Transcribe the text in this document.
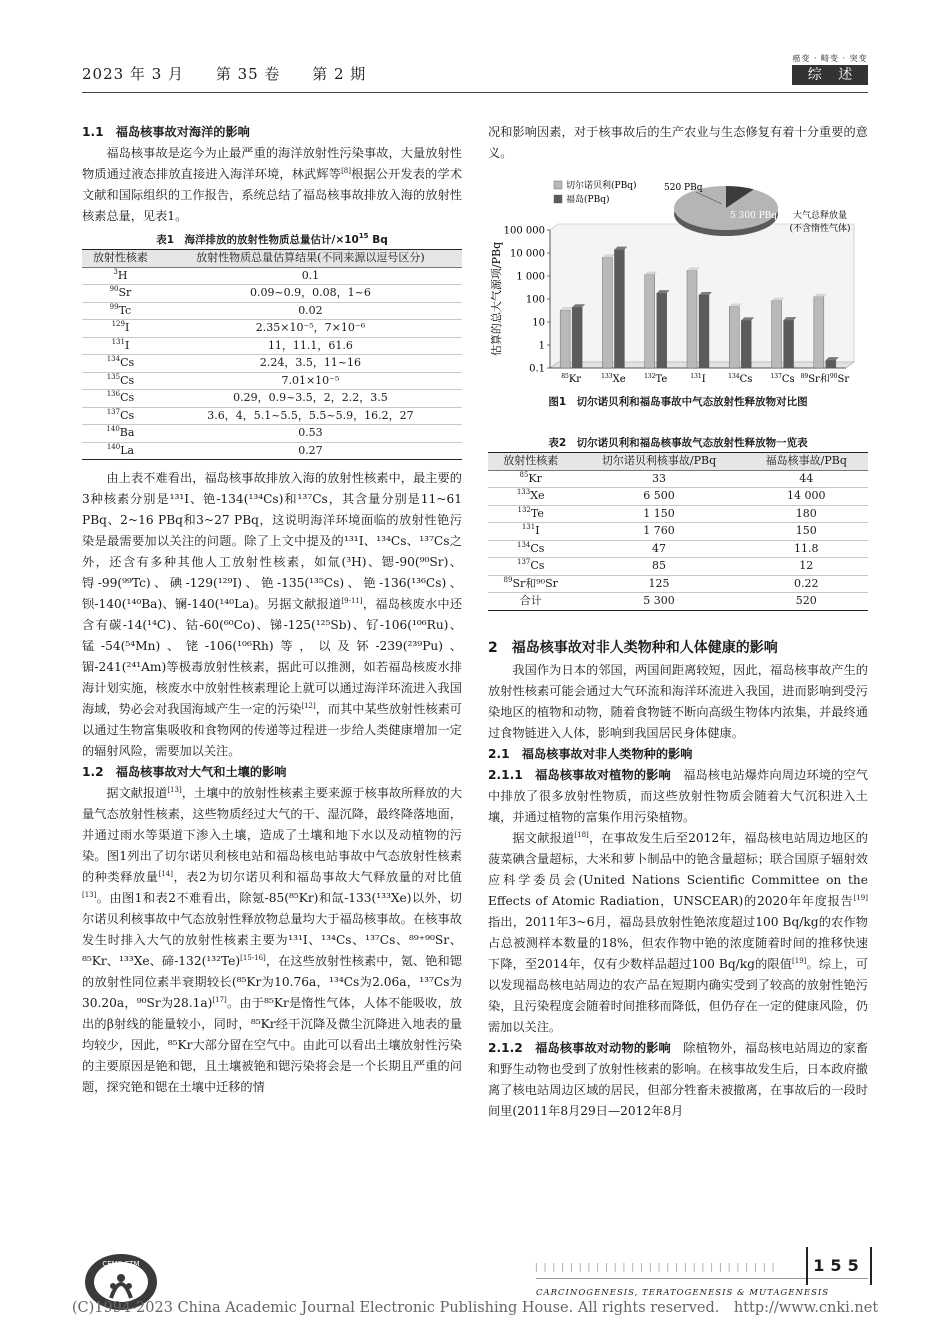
2023 年 3 月 第 35 卷 第 2 期
癌变 · 畸变 · 突变
综 述
1.1　福岛核事故对海洋的影响

福岛核事故是迄今为止最严重的海洋放射性污染事故，大量放射性物质通过液态排放直接进入海洋环境，林武辉等[8]根据公开发表的学术文献和国际组织的工作报告，系统总结了福岛核事故排放入海的放射性核素总量，见表1。

表1　海洋排放的放射性物质总量估计$/\times 10^{15}$ Bq
放射性核素	放射性物质总量估算结果(不同来源以逗号区分)
$^3$H	0.1
$^{90}$Sr	0.09~0.9，0.08，1~6
$^{99}$Tc	0.02
$^{129}$I	2.35×10⁻⁵，7×10⁻⁶
$^{131}$I	11，11.1，61.6
$^{134}$Cs	2.24，3.5，11~16
$^{135}$Cs	7.01×10⁻⁵
$^{136}$Cs	0.29，0.9~3.5，2，2.2，3.5
$^{137}$Cs	3.6，4，5.1~5.5，5.5~5.9，16.2，27
$^{140}$Ba	0.53
$^{140}$La	0.27

由上表不难看出，福岛核事故排放入海的放射性核素中，最主要的3种核素分别是¹³¹I、铯-134(¹³⁴Cs)和¹³⁷Cs，其含量分别是11~61 PBq、2~16 PBq和3~27 PBq，这说明海洋环境面临的放射性铯污染是最需要加以关注的问题。除了上文中提及的¹³¹I、¹³⁴Cs、¹³⁷Cs之外，还含有多种其他人工放射性核素，如氚(³H)、锶-90(⁹⁰Sr)、锝-99(⁹⁹Tc)、碘-129(¹²⁹I)、铯-135(¹³⁵Cs)、铯-136(¹³⁶Cs)、钡-140(¹⁴⁰Ba)、镧-140(¹⁴⁰La)。另据文献报道[9-11]，福岛核废水中还含有碳-14(¹⁴C)、钴-60(⁶⁰Co)、锑-125(¹²⁵Sb)、钌-106(¹⁰⁶Ru)、锰-54(⁵⁴Mn)、铑-106(¹⁰⁶Rh)等，以及钚-239(²³⁹Pu)、镅-241(²⁴¹Am)等极毒放射性核素，据此可以推测，如若福岛核废水排海计划实施，核废水中放射性核素理论上就可以通过海洋环流进入我国海域，势必会对我国海域产生一定的污染[12]，而其中某些放射性核素可以通过生物富集吸收和食物网的传递等过程进一步给人类健康增加一定的辐射风险，需要加以关注。

1.2　福岛核事故对大气和土壤的影响

据文献报道[13]，土壤中的放射性核素主要来源于核事故所释放的大量气态放射性核素，这些物质经过大气的干、湿沉降，最终降落地面，并通过雨水等渠道下渗入土壤，造成了土壤和地下水以及动植物的污染。图1列出了切尔诺贝利核电站和福岛核电站事故中气态放射性核素的种类释放量[14]，表2为切尔诺贝利和福岛事故大气释放量的对比值[13]。由图1和表2不难看出，除氪-85(⁸⁵Kr)和氙-133(¹³³Xe)以外，切尔诺贝利核事故中气态放射性释放物总量均大于福岛核事故。在核事故发生时排入大气的放射性核素主要为¹³¹I、¹³⁴Cs、¹³⁷Cs、⁸⁹⁺⁹⁰Sr、⁸⁵Kr、¹³³Xe、碲-132(¹³²Te)[15-16]，在这些放射性核素中，氪、铯和锶的放射性同位素半衰期较长(⁸⁵Kr为10.76a，¹³⁴Cs为2.06a，¹³⁷Cs为30.20a，⁹⁰Sr为28.1a)[17]。由于⁸⁵Kr是惰性气体，人体不能吸收，放出的β射线的能量较小，同时，⁸⁵Kr经干沉降及微尘沉降进入地表的量均较少，因此，⁸⁵Kr大部分留在空气中。由此可以看出土壤放射性污染的主要原因是铯和锶，且土壤被铯和锶污染将会是一个长期且严重的问题，探究铯和锶在土壤中迁移的情

况和影响因素，对于核事故后的生产农业与生态修复有着十分重要的意义。

0.1
1
10
100
1 000
10 000
100 000
估算的总大气源项/PBq
$^{85}$Kr	$^{133}$Xe	$^{132}$Te	$^{131}$I	$^{134}$Cs	$^{137}$Cs $^{89}$Sr和$^{90}$Sr
切尔诺贝利(PBq)
福岛(PBq)
520 PBq
5 300 PBq 大气总释放量
(不含惰性气体)
图1　切尔诺贝利和福岛事故中气态放射性释放物对比图
表2　切尔诺贝利和福岛核事故气态放射性释放物一览表
放射性核素	切尔诺贝利核事故/PBq	福岛核事故/PBq
$^{85}$Kr	33	44
$^{133}$Xe	6 500	14 000
$^{132}$Te	1 150	180
$^{131}$I	1 760	150
$^{134}$Cs	47	11.8
$^{137}$Cs	85	12
$^{89}$Sr和⁹⁰Sr	125	0.22
合计	5 300	520
2　福岛核事故对非人类物种和人体健康的影响

我国作为日本的邻国，两国间距离较短，因此，福岛核事故产生的放射性核素可能会通过大气环流和海洋环流进入我国，进而影响到受污染地区的植物和动物，随着食物链不断向高级生物体内浓集，并最终通过食物链进入人体，影响到我国居民身体健康。

2.1　福岛核事故对非人类物种的影响

2.1.1　福岛核事故对植物的影响　 福岛核电站爆炸向周边环境的空气中排放了很多放射性物质，而这些放射性物质会随着大气沉积进入土壤，并通过植物的富集作用污染植物。

据文献报道[18]，在事故发生后至2012年，福岛核电站周边地区的菠菜碘含量超标，大米和萝卜制品中的铯含量超标；联合国原子辐射效应科学委员会(United Nations Scientific Committee on the Effects of Atomic Radiation，UNSCEAR)的2020年年度报告[19]指出，2011年3~6月，福岛县放射性铯浓度超过100 Bq/kg的农作物占总被测样本数量的18%，但农作物中铯的浓度随着时间的推移快速下降，至2014年，仅有少数样品超过100 Bq/kg的限值[19]。综上，可以发现福岛核电站周边的农产品在短期内确实受到了较高的放射性铯污染，且污染程度会随着时间推移而降低，但仍存在一定的健康风险，仍需加以关注。

2.1.2　福岛核事故对动物的影响　 除植物外，福岛核电站周边的家畜和野生动物也受到了放射性核素的影响。在核事故发生后，日本政府撤离了核电站周边区域的居民，但部分牲畜未被撤离，在事故后的一段时间里(2011年8月29日—2012年8月

CEMS·CTM	▏▏▏▏▏▏▏▏▏▏▏▏▏▏▏▏▏▏▏▏▏▏▏▏▏▏▏▏
CARCINOGENESIS, TERATOGENESIS & MUTAGENESIS
155
(C)1994-2023 China Academic Journal Electronic Publishing House. All rights reserved.　http://www.cnki.net
